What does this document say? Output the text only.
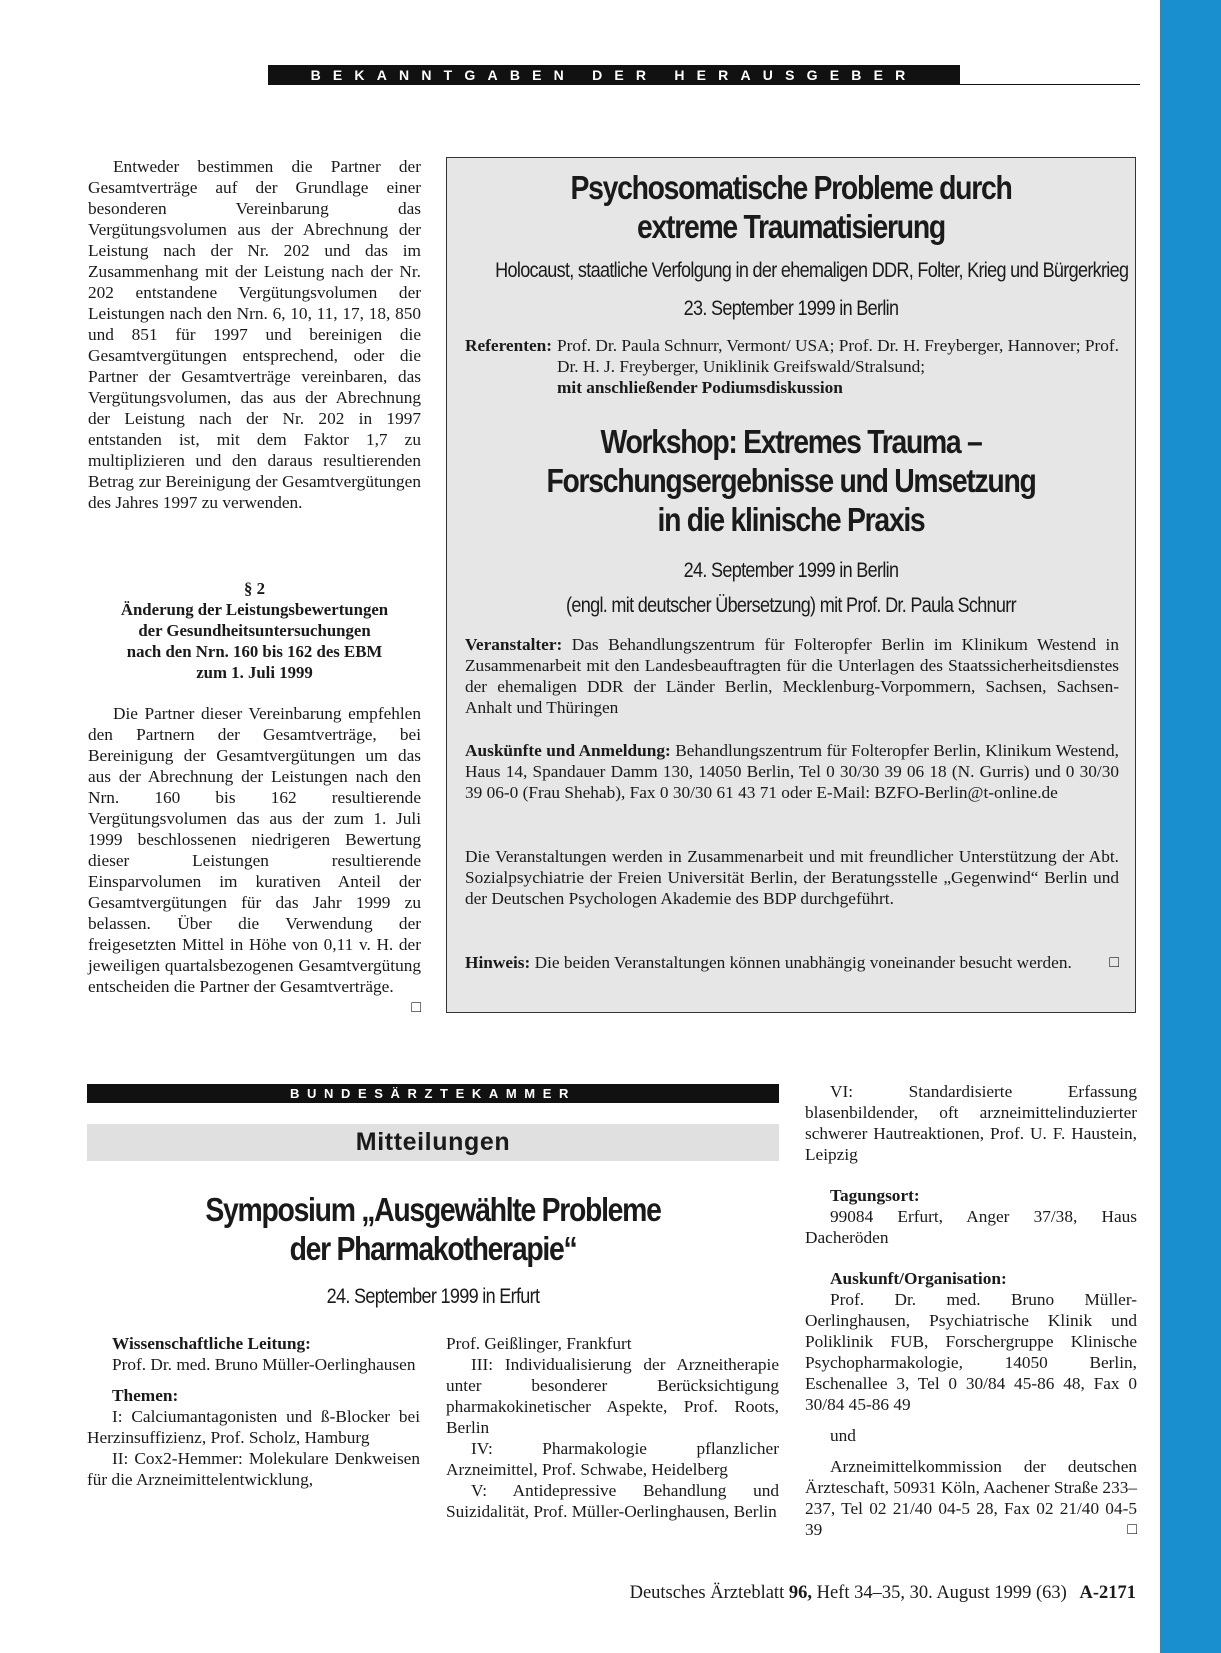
BEKANNTGABEN DER HERAUSGEBER

Entweder bestimmen die Partner der Gesamtverträge auf der Grundlage einer besonderen Vereinbarung das Vergütungsvolumen aus der Abrechnung der Leistung nach der Nr. 202 und das im Zusammenhang mit der Leistung nach der Nr. 202 entstandene Vergütungsvolumen der Leistungen nach den Nrn. 6, 10, 11, 17, 18, 850 und 851 für 1997 und bereinigen die Gesamtvergütungen entsprechend, oder die Partner der Gesamtverträge vereinbaren, das Vergütungsvolumen, das aus der Abrechnung der Leistung nach der Nr. 202 in 1997 entstanden ist, mit dem Faktor 1,7 zu multiplizieren und den daraus resultierenden Betrag zur Bereinigung der Gesamtvergütungen des Jahres 1997 zu verwenden.

§ 2
Änderung der Leistungsbewertungen
der Gesundheitsuntersuchungen
nach den Nrn. 160 bis 162 des EBM
zum 1. Juli 1999

Die Partner dieser Vereinbarung empfehlen den Partnern der Gesamtverträge, bei Bereinigung der Gesamtvergütungen um das aus der Abrechnung der Leistungen nach den Nrn. 160 bis 162 resultierende Vergütungsvolumen das aus der zum 1. Juli 1999 beschlossenen niedrigeren Bewertung dieser Leistungen resultierende Einsparvolumen im kurativen Anteil der Gesamtvergütungen für das Jahr 1999 zu belassen. Über die Verwendung der freigesetzten Mittel in Höhe von 0,11 v. H. der jeweiligen quartalsbezogenen Gesamtvergütung entscheiden die Partner der Gesamtverträge.
□

Psychosomatische Probleme durch
extreme Traumatisierung
Holocaust, staatliche Verfolgung in der ehemaligen DDR, Folter, Krieg und Bürgerkrieg
23. September 1999 in Berlin
Referenten: Prof. Dr. Paula Schnurr, Vermont/ USA; Prof. Dr. H. Freyberger, Hannover; Prof. Dr. H. J. Freyberger, Uniklinik Greifswald/Stralsund;
mit anschließender Podiumsdiskussion
Workshop: Extremes Trauma –
Forschungsergebnisse und Umsetzung
in die klinische Praxis
24. September 1999 in Berlin
(engl. mit deutscher Übersetzung) mit Prof. Dr. Paula Schnurr
Veranstalter: Das Behandlungszentrum für Folteropfer Berlin im Klinikum Westend in Zusammenarbeit mit den Landesbeauftragten für die Unterlagen des Staatssicherheitsdienstes der ehemaligen DDR der Länder Berlin, Mecklenburg-Vorpommern, Sachsen, Sachsen-Anhalt und Thüringen
Auskünfte und Anmeldung: Behandlungszentrum für Folteropfer Berlin, Klinikum Westend, Haus 14, Spandauer Damm 130, 14050 Berlin, Tel 0 30/30 39 06 18 (N. Gurris) und 0 30/30 39 06-0 (Frau Shehab), Fax 0 30/30 61 43 71 oder E-Mail: BZFO-Berlin@t-online.de
Die Veranstaltungen werden in Zusammenarbeit und mit freundlicher Unterstützung der Abt. Sozialpsychiatrie der Freien Universität Berlin, der Beratungsstelle „Gegenwind“ Berlin und der Deutschen Psychologen Akademie des BDP durchgeführt.
Hinweis: Die beiden Veranstaltungen können unabhängig voneinander besucht werden. □
BUNDESÄRZTEKAMMER
Mitteilungen
Symposium „Ausgewählte Probleme
der Pharmakotherapie“
24. September 1999 in Erfurt
Wissenschaftliche Leitung:
Prof. Dr. med. Bruno Müller-Oerlinghausen
Themen:
I: Calciumantagonisten und ß-Blocker bei Herzinsuffizienz, Prof. Scholz, Hamburg
II: Cox2-Hemmer: Molekulare Denkweisen für die Arzneimittelentwicklung,
Prof. Geißlinger, Frankfurt
III: Individualisierung der Arzneitherapie unter besonderer Berücksichtigung pharmakokinetischer Aspekte, Prof. Roots, Berlin
IV: Pharmakologie pflanzlicher Arzneimittel, Prof. Schwabe, Heidelberg
V: Antidepressive Behandlung und Suizidalität, Prof. Müller-Oerlinghausen, Berlin
VI: Standardisierte Erfassung blasenbildender, oft arzneimittelinduzierter schwerer Hautreaktionen, Prof. U. F. Haustein, Leipzig
Tagungsort:
99084 Erfurt, Anger 37/38, Haus Dacheröden
Auskunft/Organisation:
Prof. Dr. med. Bruno Müller-Oerlinghausen, Psychiatrische Klinik und Poliklinik FUB, Forschergruppe Klinische Psychopharmakologie, 14050 Berlin, Eschenallee 3, Tel 0 30/84 45-86 48, Fax 0 30/84 45-86 49
und
Arzneimittelkommission der deutschen Ärzteschaft, 50931 Köln, Aachener Straße 233–237, Tel 02 21/40 04-5 28, Fax 02 21/40 04-5 39	□
Deutsches Ärzteblatt 96, Heft 34–35, 30. August 1999 (63) A-2171
